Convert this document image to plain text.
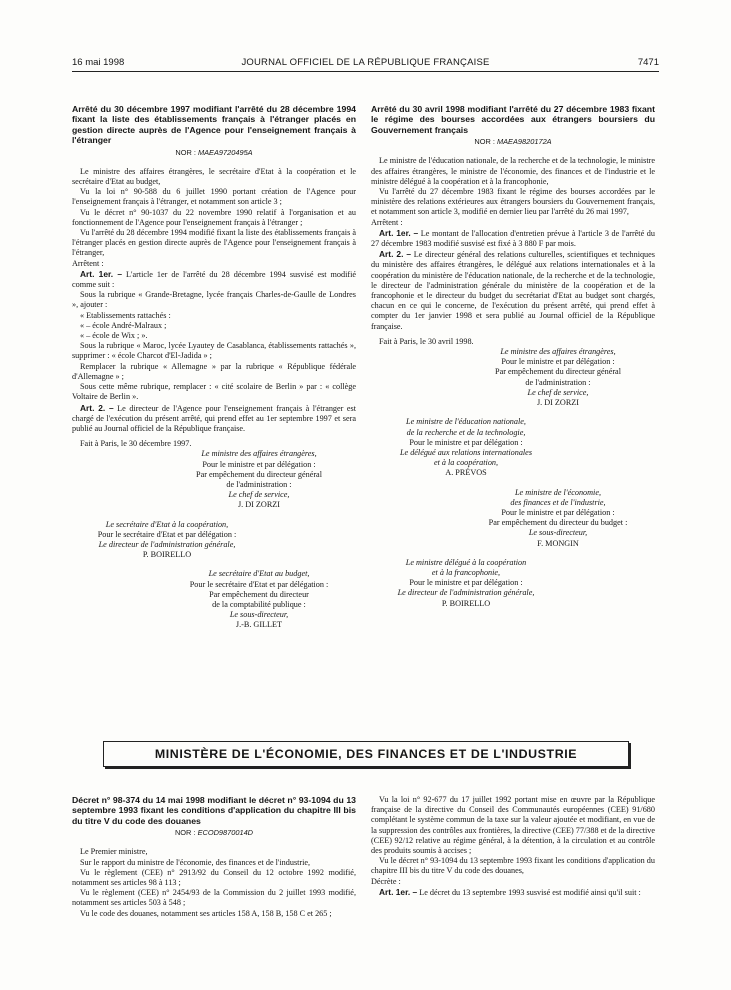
16 mai 1998	JOURNAL OFFICIEL DE LA RÉPUBLIQUE FRANÇAISE	7471
Arrêté du 30 décembre 1997 modifiant l'arrêté du 28 décembre 1994 fixant la liste des établissements français à l'étranger placés en gestion directe auprès de l'Agence pour l'enseignement français à l'étranger
NOR : MAEA9720495A

Le ministre des affaires étrangères, le secrétaire d'Etat à la coopération et le secrétaire d'Etat au budget,

Vu la loi n° 90-588 du 6 juillet 1990 portant création de l'Agence pour l'enseignement français à l'étranger, et notamment son article 3 ;

Vu le décret n° 90-1037 du 22 novembre 1990 relatif à l'organisation et au fonctionnement de l'Agence pour l'enseignement français à l'étranger ;

Vu l'arrêté du 28 décembre 1994 modifié fixant la liste des établissements français à l'étranger placés en gestion directe auprès de l'Agence pour l'enseignement français à l'étranger,

Arrêtent :

Art. 1er. – L'article 1er de l'arrêté du 28 décembre 1994 susvisé est modifié comme suit :

Sous la rubrique « Grande-Bretagne, lycée français Charles-de-Gaulle de Londres », ajouter :

« Etablissements rattachés :

« – école André-Malraux ;

« – école de Wix ; ».

Sous la rubrique « Maroc, lycée Lyautey de Casablanca, établissements rattachés », supprimer : « école Charcot d'El-Jadida » ;

Remplacer la rubrique « Allemagne » par la rubrique « République fédérale d'Allemagne » ;

Sous cette même rubrique, remplacer : « cité scolaire de Berlin » par : « collège Voltaire de Berlin ».

Art. 2. – Le directeur de l'Agence pour l'enseignement français à l'étranger est chargé de l'exécution du présent arrêté, qui prend effet au 1er septembre 1997 et sera publié au Journal officiel de la République française.

Fait à Paris, le 30 décembre 1997.

Le ministre des affaires étrangères,
Pour le ministre et par délégation :
Par empêchement du directeur général
de l'administration :
Le chef de service,
J. DI ZORZI
Le secrétaire d'Etat à la coopération,
Pour le secrétaire d'Etat et par délégation :
Le directeur de l'administration générale,
P. BOIRELLO
Le secrétaire d'Etat au budget,
Pour le secrétaire d'Etat et par délégation :
Par empêchement du directeur
de la comptabilité publique :
Le sous-directeur,
J.-B. GILLET
Arrêté du 30 avril 1998 modifiant l'arrêté du 27 décembre 1983 fixant le régime des bourses accordées aux étrangers boursiers du Gouvernement français
NOR : MAEA9820172A

Le ministre de l'éducation nationale, de la recherche et de la technologie, le ministre des affaires étrangères, le ministre de l'économie, des finances et de l'industrie et le ministre délégué à la coopération et à la francophonie,

Vu l'arrêté du 27 décembre 1983 fixant le régime des bourses accordées par le ministère des relations extérieures aux étrangers boursiers du Gouvernement français, et notamment son article 3, modifié en dernier lieu par l'arrêté du 26 mai 1997,

Arrêtent :

Art. 1er. – Le montant de l'allocation d'entretien prévue à l'article 3 de l'arrêté du 27 décembre 1983 modifié susvisé est fixé à 3 880 F par mois.

Art. 2. – Le directeur général des relations culturelles, scientifiques et techniques du ministère des affaires étrangères, le délégué aux relations internationales et à la coopération du ministère de l'éducation nationale, de la recherche et de la technologie, le directeur de l'administration générale du ministère de la coopération et de la francophonie et le directeur du budget du secrétariat d'Etat au budget sont chargés, chacun en ce qui le concerne, de l'exécution du présent arrêté, qui prend effet à compter du 1er janvier 1998 et sera publié au Journal officiel de la République française.

Fait à Paris, le 30 avril 1998.

Le ministre des affaires étrangères,
Pour le ministre et par délégation :
Par empêchement du directeur général
de l'administration :
Le chef de service,
J. DI ZORZI
Le ministre de l'éducation nationale,
de la recherche et de la technologie,
Pour le ministre et par délégation :
Le délégué aux relations internationales
et à la coopération,
A. PRÉVOS
Le ministre de l'économie,
des finances et de l'industrie,
Pour le ministre et par délégation :
Par empêchement du directeur du budget :
Le sous-directeur,
F. MONGIN
Le ministre délégué à la coopération
et à la francophonie,
Pour le ministre et par délégation :
Le directeur de l'administration générale,
P. BOIRELLO
MINISTÈRE DE L'ÉCONOMIE, DES FINANCES ET DE L'INDUSTRIE
Décret n° 98-374 du 14 mai 1998 modifiant le décret n° 93-1094 du 13 septembre 1993 fixant les conditions d'application du chapitre III bis du titre V du code des douanes
NOR : ECOD9870014D

Le Premier ministre,

Sur le rapport du ministre de l'économie, des finances et de l'industrie,

Vu le règlement (CEE) n° 2913/92 du Conseil du 12 octobre 1992 modifié, notamment ses articles 98 à 113 ;

Vu le règlement (CEE) n° 2454/93 de la Commission du 2 juillet 1993 modifié, notamment ses articles 503 à 548 ;

Vu le code des douanes, notamment ses articles 158 A, 158 B, 158 C et 265 ;

Vu la loi n° 92-677 du 17 juillet 1992 portant mise en œuvre par la République française de la directive du Conseil des Communautés européennes (CEE) 91/680 complétant le système commun de la taxe sur la valeur ajoutée et modifiant, en vue de la suppression des contrôles aux frontières, la directive (CEE) 77/388 et de la directive (CEE) 92/12 relative au régime général, à la détention, à la circulation et au contrôle des produits soumis à accises ;

Vu le décret n° 93-1094 du 13 septembre 1993 fixant les conditions d'application du chapitre III bis du titre V du code des douanes,

Décrète :

Art. 1er. – Le décret du 13 septembre 1993 susvisé est modifié ainsi qu'il suit :
